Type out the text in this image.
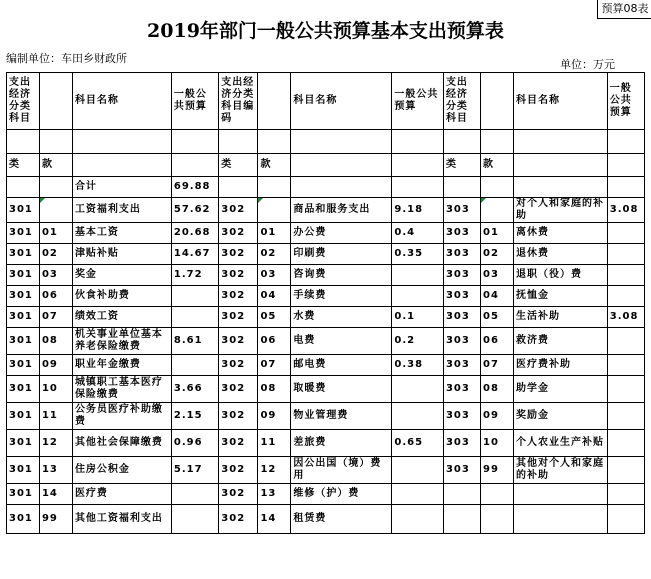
预算08表
2019年部门一般公共预算基本支出预算表
编制单位：车田乡财政所	单位：万元
支出经济分类科目		科目名称	一般公共预算	支出经济分类科目编码		科目名称	一般公共预算	支出经济分类科目		科目名称	一般公共预算

类	款			类	款			类	款		
		合计	69.88								
301		工资福利支出	57.62	302		商品和服务支出	9.18	303		对个人和家庭的补助	3.08
301	01	基本工资	20.68	302	01	办公费	0.4	303	01	离休费	
301	02	津贴补贴	14.67	302	02	印刷费	0.35	303	02	退休费	
301	03	奖金	1.72	302	03	咨询费		303	03	退职（役）费	
301	06	伙食补助费		302	04	手续费		303	04	抚恤金	
301	07	绩效工资		302	05	水费	0.1	303	05	生活补助	3.08
301	08	机关事业单位基本养老保险缴费	8.61	302	06	电费	0.2	303	06	救济费	
301	09	职业年金缴费		302	07	邮电费	0.38	303	07	医疗费补助	
301	10	城镇职工基本医疗保险缴费	3.66	302	08	取暖费		303	08	助学金	
301	11	公务员医疗补助缴费	2.15	302	09	物业管理费		303	09	奖励金	
301	12	其他社会保障缴费	0.96	302	11	差旅费	0.65	303	10	个人农业生产补贴	
301	13	住房公积金	5.17	302	12	因公出国（境）费用		303	99	其他对个人和家庭的补助	
301	14	医疗费		302	13	维修（护）费					
301	99	其他工资福利支出		302	14	租赁费					
